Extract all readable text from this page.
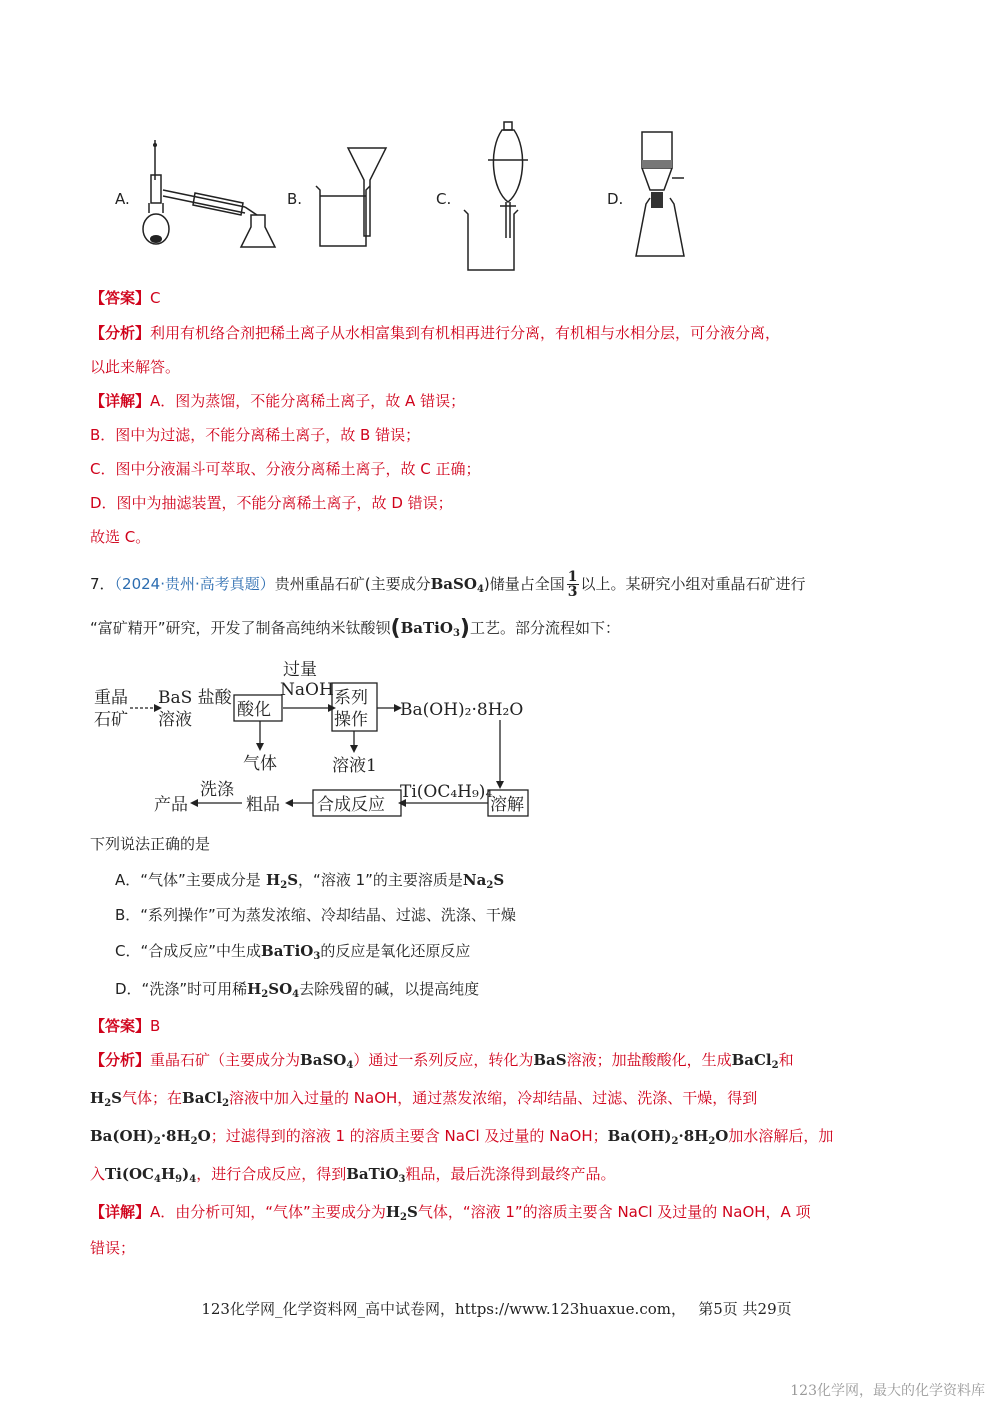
A.	B.	C.	D.
【答案】C
【分析】利用有机络合剂把稀土离子从水相富集到有机相再进行分离，有机相与水相分层，可分液分离，
以此来解答。
【详解】A．图为蒸馏，不能分离稀土离子，故 A 错误；
B．图中为过滤，不能分离稀土离子，故 B 错误；
C．图中分液漏斗可萃取、分液分离稀土离子，故 C 正确；
D．图中为抽滤装置，不能分离稀土离子，故 D 错误；
故选 C。
7．（2024·贵州·高考真题）贵州重晶石矿(主要成分BaSO$_4$)储量占全国 $\frac{1}{3}$ 以上。某研究小组对重晶石矿进行
“富矿精开”研究，开发了制备高纯纳米钛酸钡(BaTiO$_3$)工艺。部分流程如下：
重晶
石矿
BaS 盐酸
溶液
过量
NaOH
酸化
系列
操作 Ba(OH)₂·8H₂O
气体	溶液1
Ti(OC₄H₉)₄
溶解
合成反应
粗品
洗涤
产品
下列说法正确的是
A．“气体”主要成分是 $H_2S$，“溶液 1”的主要溶质是$Na_2S$
B．“系列操作”可为蒸发浓缩、冷却结晶、过滤、洗涤、干燥
C．“合成反应”中生成BaTiO$_3$的反应是氧化还原反应
D．“洗涤”时可用稀$H_2SO_4$去除残留的碱，以提高纯度
【答案】B
【分析】重晶石矿（主要成分为BaSO$_4$）通过一系列反应，转化为BaS溶液；加盐酸酸化，生成BaCl$_2$和
$H_2S$气体；在BaCl$_2$溶液中加入过量的 NaOH，通过蒸发浓缩，冷却结晶、过滤、洗涤、干燥，得到
$Ba(OH)_2\cdot 8H_2O$；过滤得到的溶液 1 的溶质主要含 NaCl 及过量的 NaOH；$Ba(OH)_2\cdot 8H_2O$加水溶解后，加
入$Ti(OC_4H_9)_4$，进行合成反应，得到BaTiO$_3$粗品，最后洗涤得到最终产品。
【详解】A．由分析可知，“气体”主要成分为$H_2S$气体，“溶液 1”的溶质主要含 NaCl 及过量的 NaOH，A 项
错误；
123化学网_化学资料网_高中试卷网，https://www.123huaxue.com，　 第5页 共29页
123化学网，最大的化学资料库
